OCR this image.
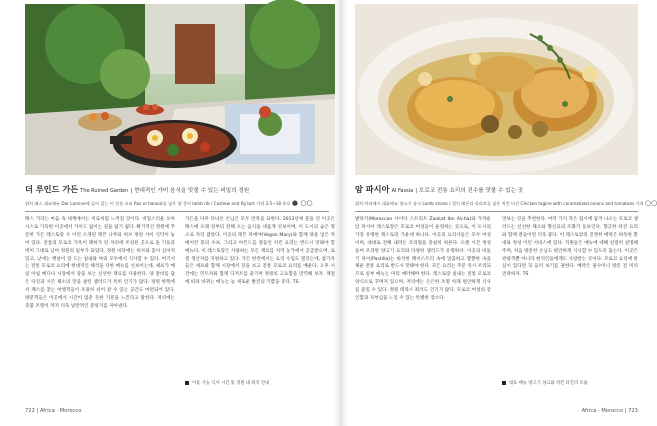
더 루인드 가든 The Ruined Garden | 현대적인 가미 음식을 맛볼 수 있는 비밀의 정원
위치 페스 대표메뉴 Dar Lamine에 들어 있는 이 전통 요리 Ras el hanout를 넣은 양 갈비 lamb rib / Cashew and fig tart 가격 3.5~18 유로 ● ○○
페스 거리는 마음 속 세계에서는 미로처럼 느껴질 것이다. 비밀스러운 오아시스로 가득한 이곳에서 가이드 없이는 길을 잃기 쉽다. 확기적인 정원에 푸릇한 가든 레스토랑 수 이런 소개된 레몬 나무와 허브 정원 사이 식탁이 놓여 있다. 전통의 모로코 가옥이 폐허가 된 자리에 조성된 곳으로 돌 기둥과 벽이 그대로 남아 정원의 일부가 되었다. 정원 바닥에는 허브와 꽃이 심어져 있고, 낮에는 햇살이 잘 드는 실내와 야외 모두에서 식사할 수 있다. 여기서는 전통 모로코 요리에 현대적인 해석을 더한 메뉴를 선보이는데, 셰프가 매일 아침 메디나 시장에서 장을 보는 신선한 재료를 사용한다. 양 갈비를 담은 타진과 시즌 채소의 맛을 살린 샐러드가 특히 인기가 많다. 정원 한쪽에서 페스를 찾는 여행객들이 조용히 쉬어 갈 수 있는 공간도 마련되어 있다. 방문객들은 이곳에서 시간이 멈춘 듯한 기분을 느낀다고 말한다. 저녁에는 촛불 조명이 켜져 더욱 낭만적인 분위기를 자아낸다.
가든을 다루 다녀온 손님은 모두 만족을 표한다. 2013년에 문을 연 이곳은 페스에 오래 전부터 전해 오는 음식을 새롭게 선보이며, 이 도시의 숨은 명소로 자리 잡았다. 이곳의 레몬 파에야(Vegan Mary)와 함께 양을 넣은 자메이칸 풍의 수프, 그리고 아몬드를 곁들인 치킨 요리는 반드시 맛봐야 할 메뉴다. 이 레스토랑은 사용하는 모든 재료를 지역 농가에서 공급받으며, 로컬 생산자를 지원하고 있다. 가든 한켠에서는 요리 수업도 열리는데, 참가자들은 셰프와 함께 시장에서 장을 보고 전통 모로코 요리를 배운다. 오후 시간에는 민트차와 함께 디저트를 즐기며 정원의 고요함을 만끽해 보자. 계절에 따라 바뀌는 메뉴는 늘 새로운 발견의 기쁨을 준다. TS
이용 가능 식사 시간 및 정원 내 좌석 안내
722 | Africa · Morocco
암 파시아 Al Fassia | 모로코 전통 요리의 진수를 맛볼 수 있는 곳
위치 마라케시 대표메뉴 양고기 샹크 Lamb shank / 절인 레몬과 올리브를 넣은 치킨 타진 Chicken tagine with caramelized onions and tomatoes 가격 ○○
발라키(Moroccan 사이다 스트리트 Zankat Ibn Aicha)와 가까운 암 파시아 레스토랑은 모로코 여성들이 운영하는 곳으로, 이 도시의 가장 유명한 레스토랑 가운데 하나다. 이곳의 요리사들은 모두 여성이며, 대대로 전해 내려온 조리법을 충실히 따른다. 오랜 시간 정성 들여 조리한 양고기 요리와 다양한 샐러드가 유명하다. 이곳의 비둘기 파이(Pastilla)는 바삭한 페이스트리 속에 달콤하고 짭짤한 속을 채운 전통 요리로 반드시 맛봐야 한다. 모든 요리는 주문 즉시 조리되므로 일부 메뉴는 미리 예약해야 한다. 레스토랑 실내는 전통 모로코 양식으로 꾸며져 있으며, 저녁에는 은은한 조명 아래 편안하게 식사를 즐길 수 있다. 정원 테라스 좌석도 인기가 많다. 모로코 여성의 강인함과 자부심을 느낄 수 있는 특별한 장소다.
맛보는 것을 추천한다. 여러 가지 작은 접시에 담겨 나오는 모로코 샐러드는 신선한 채소와 향신료의 조화가 돋보인다. 향긋한 타진 요리와 함께 곁들이면 더욱 좋다. 이 레스토랑의 진정한 매력은 따뜻한 환대와 정성 어린 서비스에 있다. 직원들은 메뉴에 대해 친절히 설명해 주며, 처음 방문한 손님도 편안하게 식사할 수 있도록 돕는다. 이곳은 관광객뿐 아니라 현지인들에게도 사랑받는 곳이다. 모로코 요리에 관심이 있다면 꼭 들러 보기를 권한다. 예약은 필수이니 방문 전 미리 연락하자. TS
대표 메뉴 양고기 샹크와 치킨 타진의 모습
Africa · Morocco | 723
